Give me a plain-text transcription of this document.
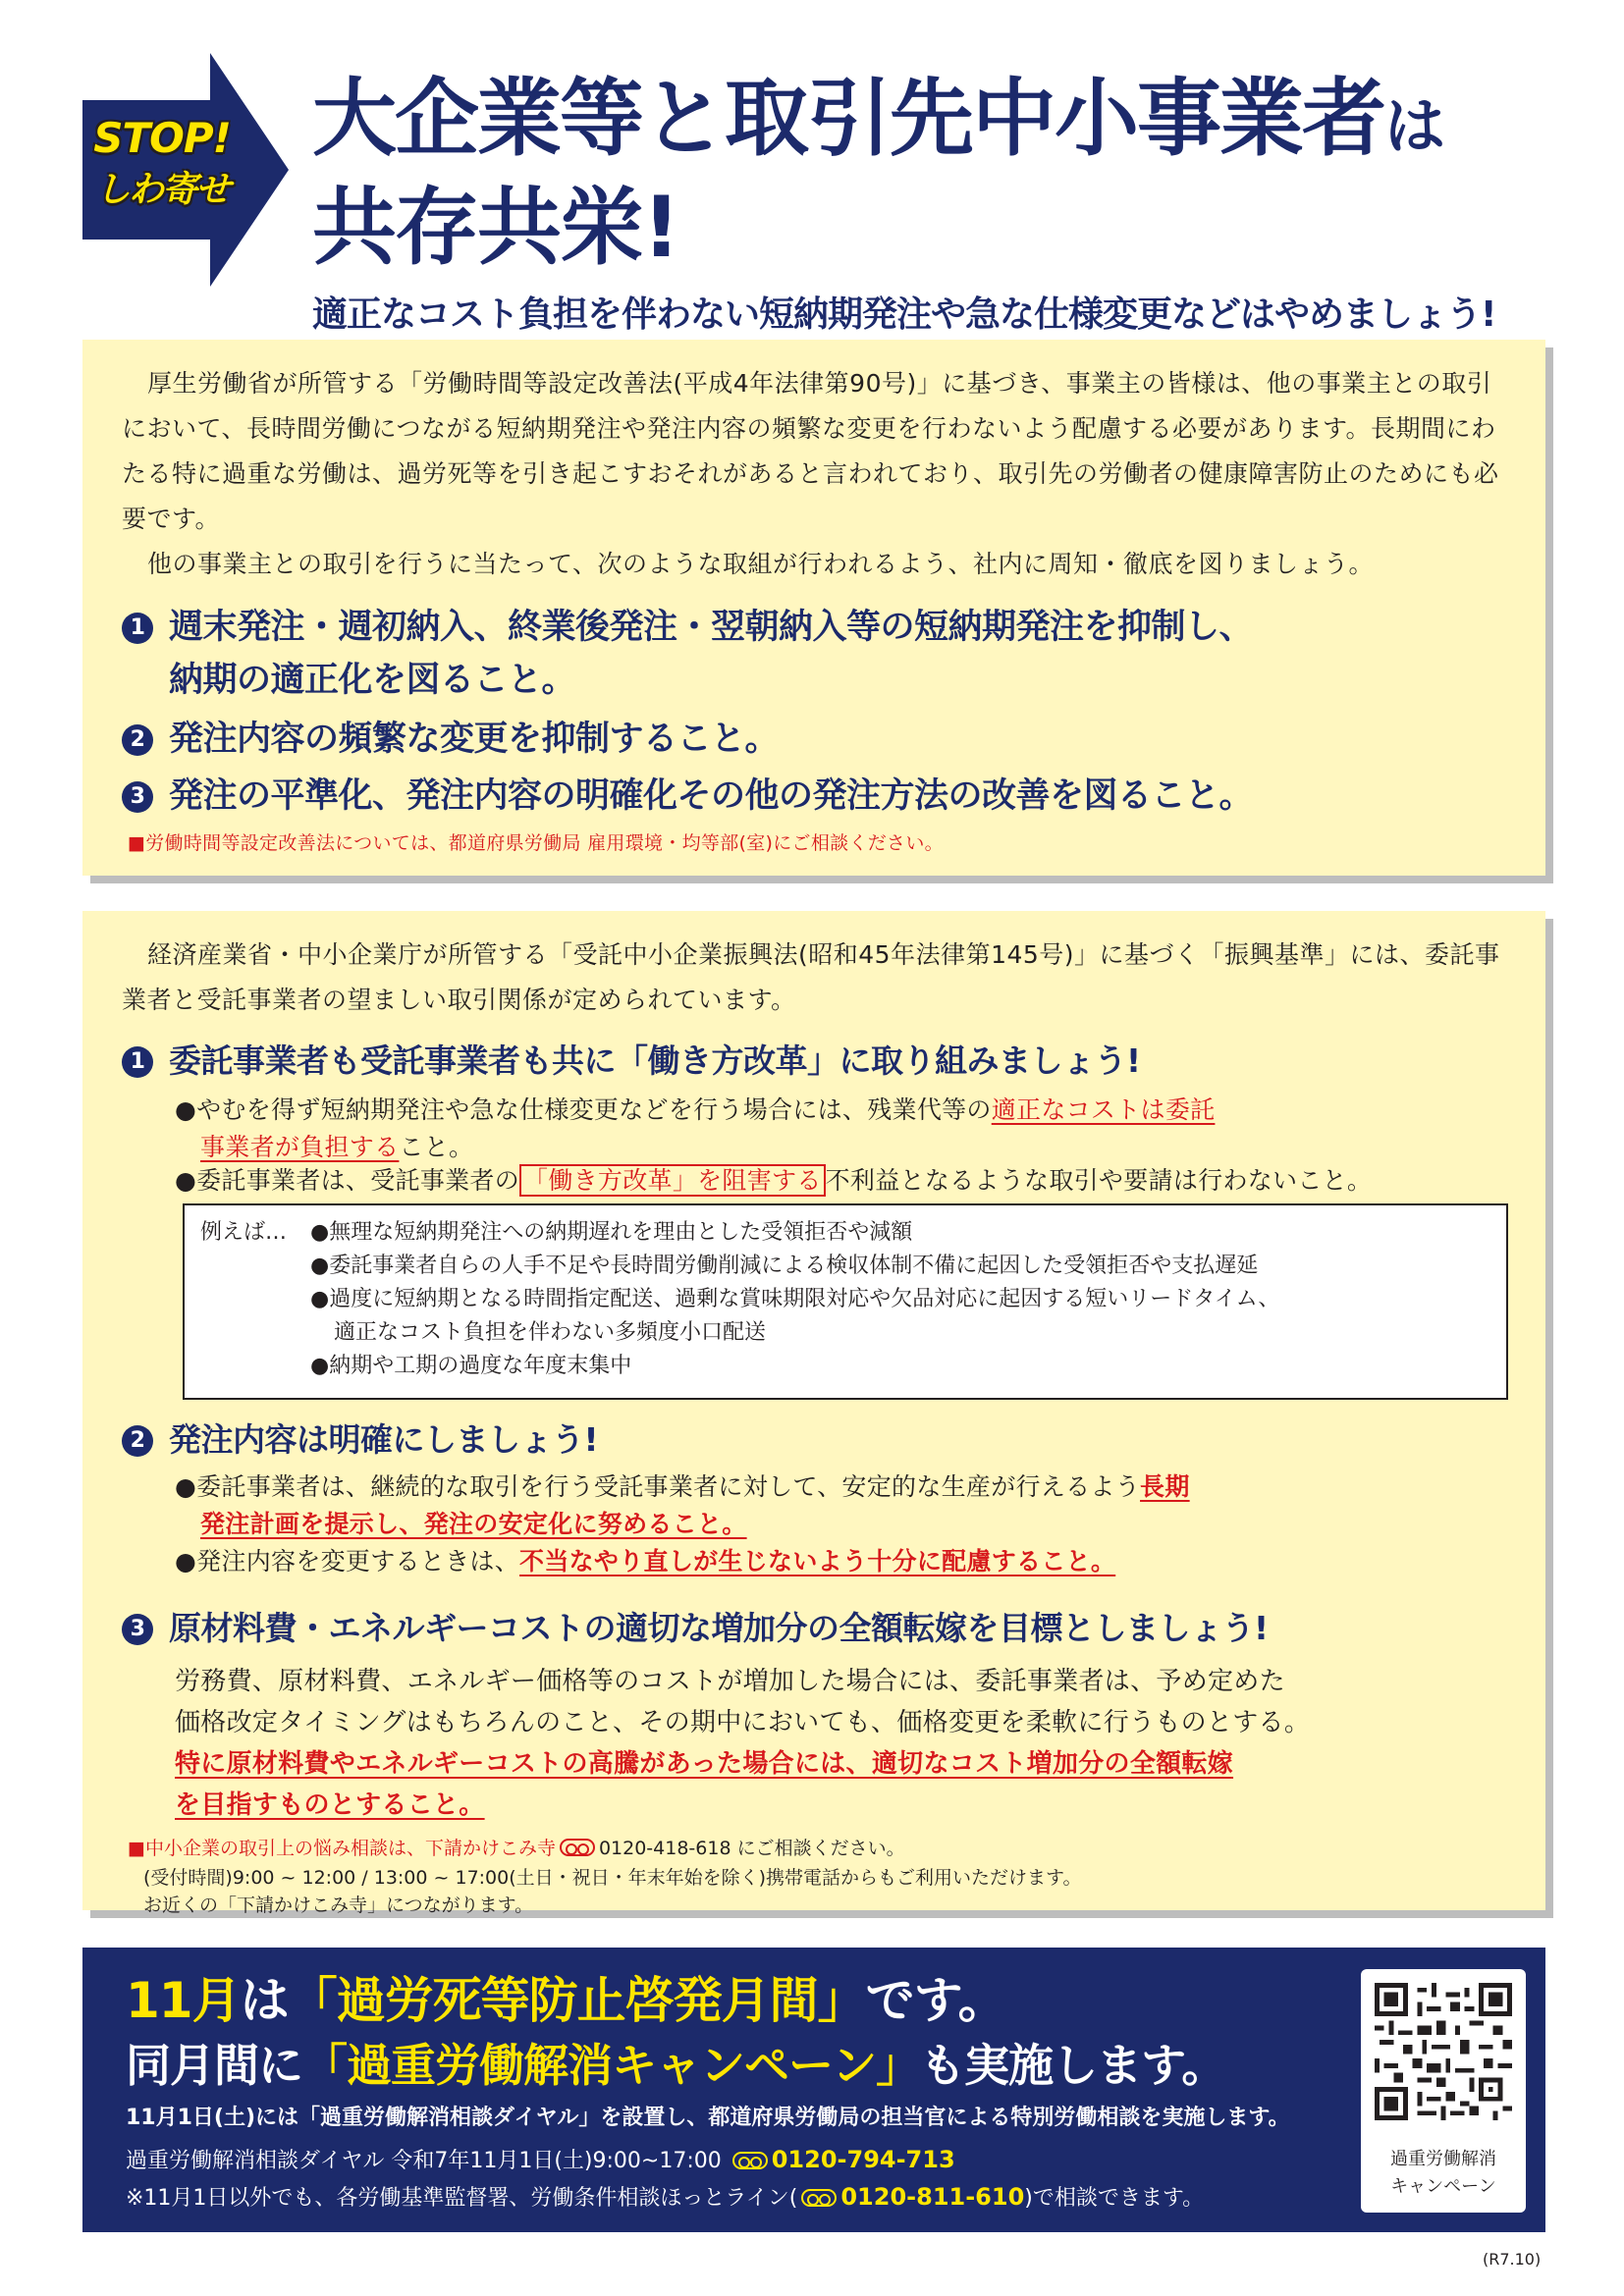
STOP!
しわ寄せ
大企業等と取引先中小事業者は
共存共栄!
適正なコスト負担を伴わない短納期発注や急な仕様変更などはやめましょう!
厚生労働省が所管する「労働時間等設定改善法(平成4年法律第90号)」に基づき、事業主の皆様は、他の事業主との取引において、長時間労働につながる短納期発注や発注内容の頻繁な変更を行わないよう配慮する必要があります。長期間にわたる特に過重な労働は、過労死等を引き起こすおそれがあると言われており、取引先の労働者の健康障害防止のためにも必要です。
他の事業主との取引を行うに当たって、次のような取組が行われるよう、社内に周知・徹底を図りましょう。
1 週末発注・週初納入、終業後発注・翌朝納入等の短納期発注を抑制し、
納期の適正化を図ること。
2 発注内容の頻繁な変更を抑制すること。
3 発注の平準化、発注内容の明確化その他の発注方法の改善を図ること。
■労働時間等設定改善法については、都道府県労働局 雇用環境・均等部(室)にご相談ください。
経済産業省・中小企業庁が所管する「受託中小企業振興法(昭和45年法律第145号)」に基づく「振興基準」には、委託事業者と受託事業者の望ましい取引関係が定められています。
1 委託事業者も受託事業者も共に「働き方改革」に取り組みましょう!
●やむを得ず短納期発注や急な仕様変更などを行う場合には、残業代等の適正なコストは委託
事業者が負担すること。
●委託事業者は、受託事業者の 「働き方改革」を阻害する 不利益となるような取引や要請は行わないこと。
例えば… ●無理な短納期発注への納期遅れを理由とした受領拒否や減額
●委託事業者自らの人手不足や長時間労働削減による検収体制不備に起因した受領拒否や支払遅延
●過度に短納期となる時間指定配送、過剰な賞味期限対応や欠品対応に起因する短いリードタイム、
適正なコスト負担を伴わない多頻度小口配送
●納期や工期の過度な年度末集中
2 発注内容は明確にしましょう!
●委託事業者は、継続的な取引を行う受託事業者に対して、安定的な生産が行えるよう長期
発注計画を提示し、発注の安定化に努めること。
●発注内容を変更するときは、不当なやり直しが生じないよう十分に配慮すること。
3 原材料費・エネルギーコストの適切な増加分の全額転嫁を目標としましょう!
労務費、原材料費、エネルギー価格等のコストが増加した場合には、委託事業者は、予め定めた
価格改定タイミングはもちろんのこと、その期中においても、価格変更を柔軟に行うものとする。
特に原材料費やエネルギーコストの高騰があった場合には、適切なコスト増加分の全額転嫁
を目指すものとすること。
■中小企業の取引上の悩み相談は、下請かけこみ寺 0120-418-618 にご相談ください。
(受付時間)9:00 ~ 12:00 / 13:00 ~ 17:00(土日・祝日・年末年始を除く)携帯電話からもご利用いただけます。
お近くの「下請かけこみ寺」につながります。
11月は「過労死等防止啓発月間」です。
同月間に「過重労働解消キャンペーン」も実施します。
11月1日(土)には「過重労働解消相談ダイヤル」を設置し、都道府県労働局の担当官による特別労働相談を実施します。
過重労働解消相談ダイヤル 令和7年11月1日(土)9:00~17:00 0120-794-713
※11月1日以外でも、各労働基準監督署、労働条件相談ほっとライン( 0120-811-610)で相談できます。
過重労働解消
キャンペーン
(R7.10)
